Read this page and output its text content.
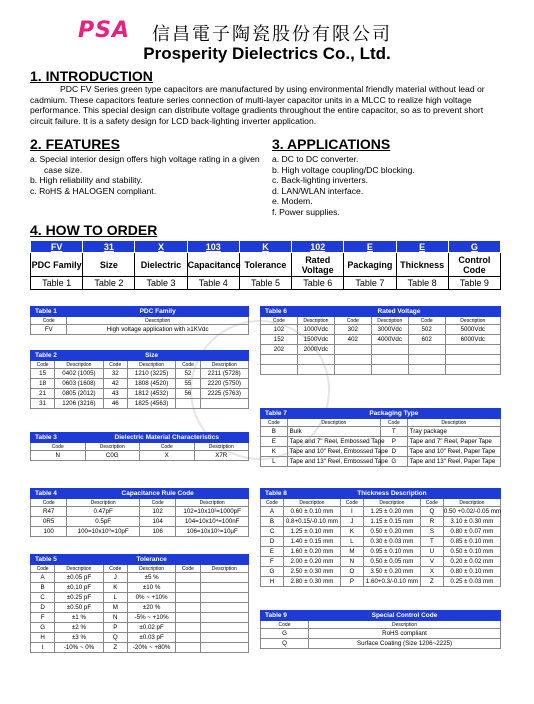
PSA 信昌電子陶瓷股份有限公司
Prosperity Dielectrics Co., Ltd.
1. INTRODUCTION
PDC FV Series green type capacitors are manufactured by using environmental friendly material without lead or cadmium. These capacitors feature series connection of multi-layer capacitor units in a MLCC to realize high voltage performance. This special design can distribute voltage gradients throughout the entire capacitor, so as to prevent short circuit failure. It is a safety design for LCD back-lighting inverter application.
2. FEATURES
a. Special interior design offers high voltage rating in a given case size.
b. High reliability and stability.
c. RoHS & HALOGEN compliant.
3. APPLICATIONS
a. DC to DC converter.
b. High voltage coupling/DC blocking.
c. Back-lighting inverters.
d. LAN/WLAN interface.
e. Modem.
f. Power supplies.
4. HOW TO ORDER
FV	31	X	103	K	102	E	E	G
PDC Family	Size	Dielectric	Capacitance	Tolerance	Rated Voltage	Packaging	Thickness	Control Code
Table 1	Table 2	Table 3	Table 4	Table 5	Table 6	Table 7	Table 8	Table 9
Table 1	PDC Family
Code	Description
FV	High voltage application with ≥1KVdc
Table 2	Size				
Code	Description	Code	Description	Code	Description
15	0402 (1005)	32	1210 (3225)	52	2211 (5728)
18	0603 (1608)	42	1808 (4520)	55	2220 (5750)
21	0805 (2012)	43	1812 (4532)	56	2225 (5763)
31	1206 (3216)	46	1825 (4563)		
Table 3	Dielectric Material Characteristics		
Code	Description	Code	Description
N	C0G	X	X7R
Table 4	Capacitance Rule Code		
Code	Description	Code	Description
R47	0.47pF	102	102=10x10²=1000pF
0R5	0.5pF	104	104=10x10⁴=100nF
100	100=10x10⁰=10pF	106	106=10x10⁶=10μF
Table 5	Tolerance				
Code	Description	Code	Description	Code	Description
A	±0.05 pF	J	±5 %		
B	±0.10 pF	K	±10 %		
C	±0.25 pF	L	0% ~ +10%		
D	±0.50 pF	M	±20 %		
F	±1 %	N	-5% ~ +10%		
G	±2 %	P	±0.02 pF		
H	±3 %	Q	±0.03 pF		
I	-10% ~ 0%	Z	-20% ~ +80%		
Table 6	Rated Voltage				
Code	Description	Code	Description	Code	Description
102	1000Vdc	302	3000Vdc	502	5000Vdc
152	1500Vdc	402	4000Vdc	602	6000Vdc
202	2000Vdc				

Table 7	Packaging Type		
Code	Description	Code	Description
B	Bulk	T	Tray package
E	Tape and 7" Reel, Embossed Tape	P	Tape and 7" Reel, Paper Tape
K	Tape and 10" Reel, Embossed Tape	D	Tape and 10" Reel, Paper Tape
L	Tape and 13" Reel, Embossed Tape	G	Tape and 13" Reel, Paper Tape
Table 8	Thickness Description				
Code	Description	Code	Description	Code	Description
A	0.60 ± 0.10 mm	I	1.25 ± 0.20 mm	Q	0.50 +0.02/-0.05 mm
B	0.8+0.15/-0.10 mm	J	1.15 ± 0.15 mm	R	3.10 ± 0.30 mm
C	1.25 ± 0.10 mm	K	0.50 ± 0.20 mm	S	0.80 ± 0.07 mm
D	1.40 ± 0.15 mm	L	0.30 ± 0.03 mm	T	0.85 ± 0.10 mm
E	1.60 ± 0.20 mm	M	0.95 ± 0.10 mm	U	0.50 ± 0.10 mm
F	2.00 ± 0.20 mm	N	0.50 ± 0.05 mm	V	0.20 ± 0.02 mm
G	2.50 ± 0.30 mm	O	3.50 ± 0.20 mm	X	0.80 ± 0.10 mm
H	2.80 ± 0.30 mm	P	1.60+0.3/-0.10 mm	Z	0.25 ± 0.03 mm
Table 9	Special Control Code
Code	Description
G	RoHS compliant
Q	Surface Coating (Size 1206~2225)
